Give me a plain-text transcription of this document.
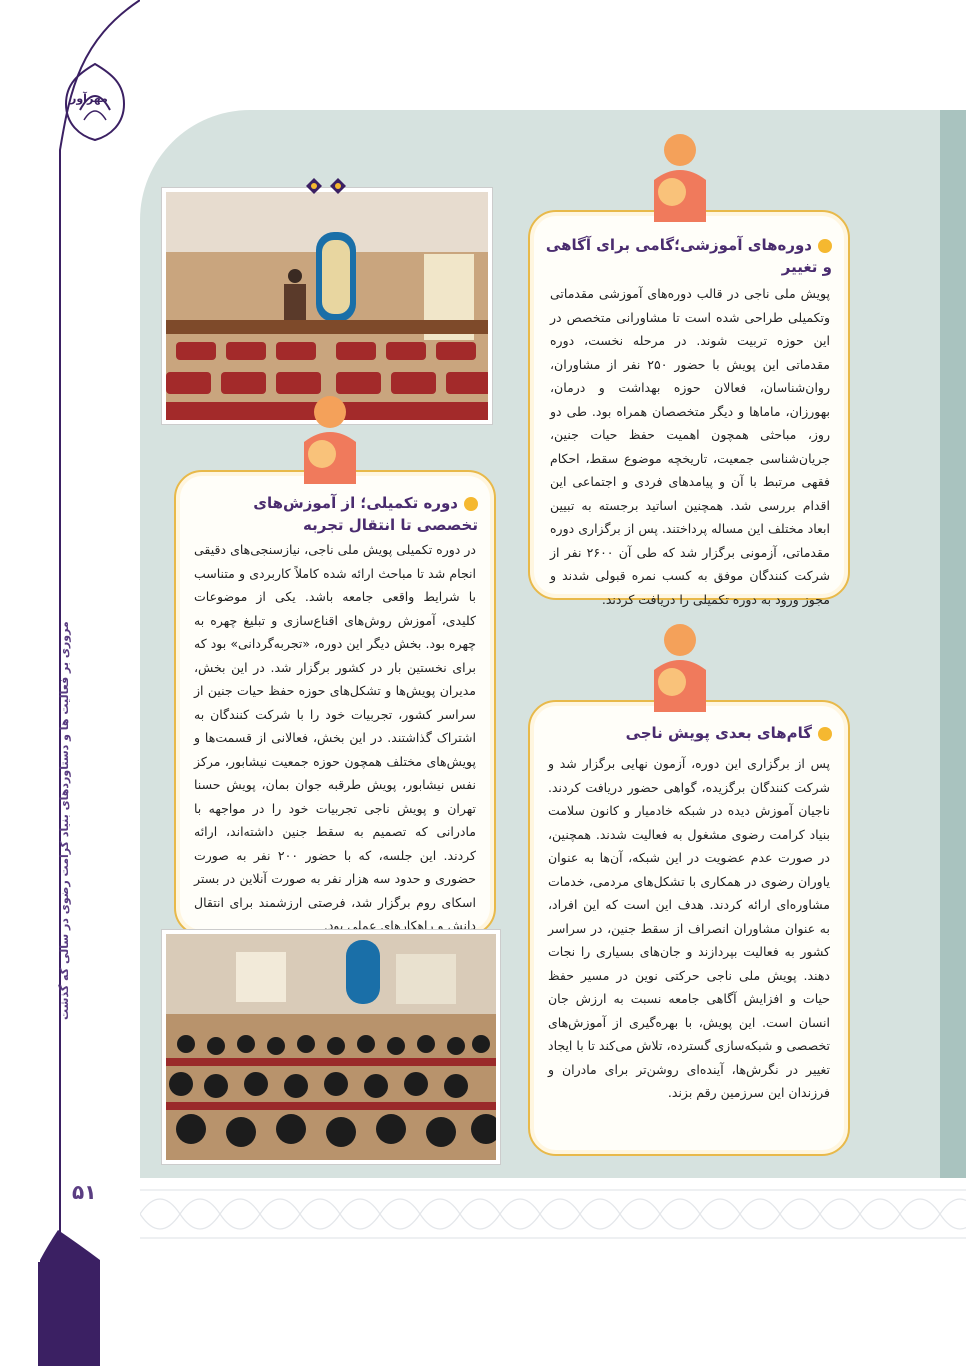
مهرآور
مروری بر فعالیت ها و دستاوردهای بنیاد کرامت رضوی در سالی که گذشت
۵۱
دوره‌های آموزشی؛گامی برای آگاهی و تغییر
پویش ملی ناجی در قالب دوره‌های آموزشی مقدماتی وتکمیلی طراحی شده است تا مشاورانی متخصص در این حوزه تربیت شوند. در مرحله نخست، دوره مقدماتی این پویش با حضور ۲۵۰ نفر از مشاوران، روان‌شناسان، فعالان حوزه بهداشت و درمان، بهورزان، ماماها و دیگر متخصصان همراه بود. طی دو روز، مباحثی همچون اهمیت حفظ حیات جنین، جریان‌شناسی جمعیت، تاریخچه موضوع سقط، احکام فقهی مرتبط با آن و پیامدهای فردی و اجتماعی این اقدام بررسی شد. همچنین اساتید برجسته به تبیین ابعاد مختلف این مساله پرداختند. پس از برگزاری دوره مقدماتی، آزمونی برگزار شد که طی آن ۲۶۰۰ نفر از شرکت کنندگان موفق به کسب نمره قبولی شدند و مجوز ورود به دوره تکمیلی را دریافت کردند.
دوره تکمیلی؛ از آموزش‌های تخصصی تا انتقال تجربه
در دوره تکمیلی پویش ملی ناجی، نیازسنجی‌های دقیقی انجام شد تا مباحث ارائه شده کاملاً کاربردی و متناسب با شرایط واقعی جامعه باشد. یکی از موضوعات کلیدی، آموزش روش‌های اقناع‌سازی و تبلیغ چهره به چهره بود. بخش دیگر این دوره، «تجربه‌گردانی» بود که برای نخستین بار در کشور برگزار شد. در این بخش، مدیران پویش‌ها و تشکل‌های حوزه حفظ حیات جنین از سراسر کشور، تجربیات خود را با شرکت کنندگان به اشتراک گذاشتند. در این بخش، فعالانی از قسمت‌ها و پویش‌های مختلف همچون حوزه جمعیت نیشابور، مرکز نفس نیشابور، پویش طرقبه جوان بمان، پویش حسنا تهران و پویش ناجی تجربیات خود را در مواجهه با مادرانی که تصمیم به سقط جنین داشته‌اند، ارائه کردند. این جلسه، که با حضور ۲۰۰ نفر به صورت حضوری و حدود سه هزار نفر به صورت آنلاین در بستر اسکای روم برگزار شد، فرصتی ارزشمند برای انتقال دانش و راهکارهای عملی بود.
گام‌های بعدی پویش ناجی
پس از برگزاری این دوره، آزمون نهایی برگزار شد و شرکت کنندگان برگزیده، گواهی حضور دریافت کردند. ناجیان آموزش دیده در شبکه خادمیار و کانون سلامت بنیاد کرامت رضوی مشغول به فعالیت شدند. همچنین، در صورت عدم عضویت در این شبکه، آن‌ها به عنوان یاوران رضوی در همکاری با تشکل‌های مردمی، خدمات مشاوره‌ای ارائه کردند. هدف این است که این افراد، به عنوان مشاوران انصراف از سقط جنین، در سراسر کشور به فعالیت بپردازند و جان‌های بسیاری را نجات دهند. پویش ملی ناجی حرکتی نوین در مسیر حفظ حیات و افزایش آگاهی جامعه نسبت به ارزش جان انسان است. این پویش، با بهره‌گیری از آموزش‌های تخصصی و شبکه‌سازی گسترده، تلاش می‌کند تا با ایجاد تغییر در نگرش‌ها، آینده‌ای روشن‌تر برای مادران و فرزندان این سرزمین رقم بزند.
